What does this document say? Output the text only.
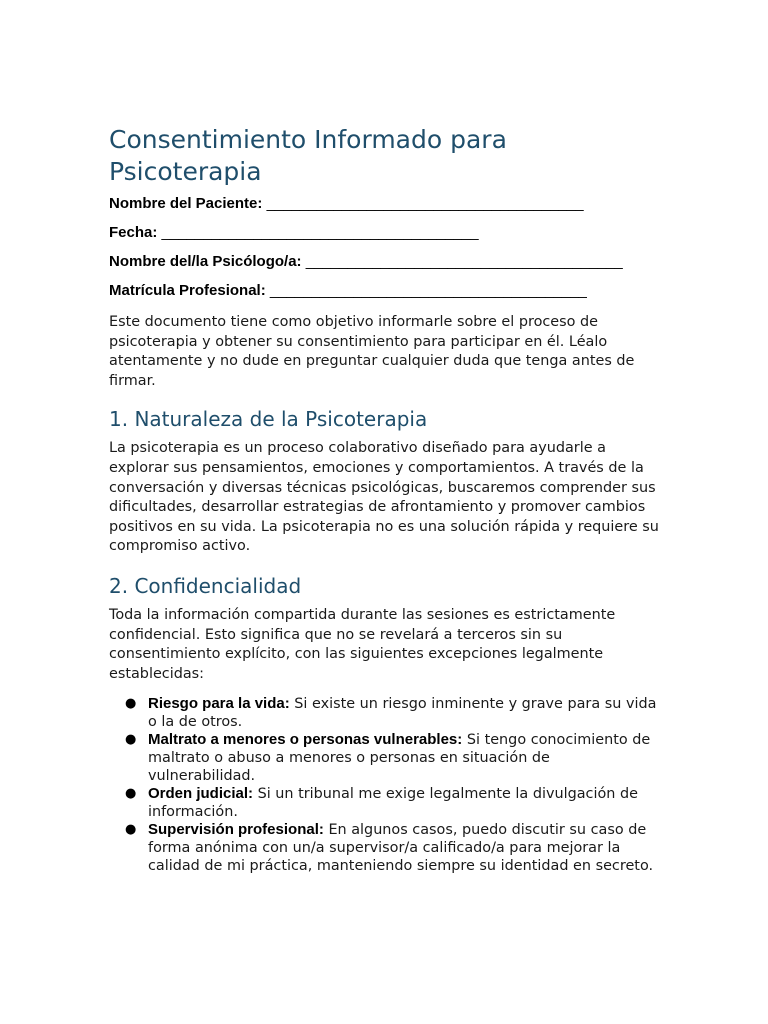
Consentimiento Informado para Psicoterapia
Nombre del Paciente: ______________________________________
Fecha: ______________________________________
Nombre del/la Psicólogo/a: ______________________________________
Matrícula Profesional: ______________________________________

Este documento tiene como objetivo informarle sobre el proceso de psicoterapia y obtener su consentimiento para participar en él. Léalo atentamente y no dude en preguntar cualquier duda que tenga antes de firmar.

1. Naturaleza de la Psicoterapia

La psicoterapia es un proceso colaborativo diseñado para ayudarle a explorar sus pensamientos, emociones y comportamientos. A través de la conversación y diversas técnicas psicológicas, buscaremos comprender sus dificultades, desarrollar estrategias de afrontamiento y promover cambios positivos en su vida. La psicoterapia no es una solución rápida y requiere su compromiso activo.

2. Confidencialidad

Toda la información compartida durante las sesiones es estrictamente confidencial. Esto significa que no se revelará a terceros sin su consentimiento explícito, con las siguientes excepciones legalmente establecidas:

● Riesgo para la vida: Si existe un riesgo inminente y grave para su vida o la de otros.
● Maltrato a menores o personas vulnerables: Si tengo conocimiento de maltrato o abuso a menores o personas en situación de vulnerabilidad.
● Orden judicial: Si un tribunal me exige legalmente la divulgación de información.
● Supervisión profesional: En algunos casos, puedo discutir su caso de forma anónima con un/a supervisor/a calificado/a para mejorar la calidad de mi práctica, manteniendo siempre su identidad en secreto.
